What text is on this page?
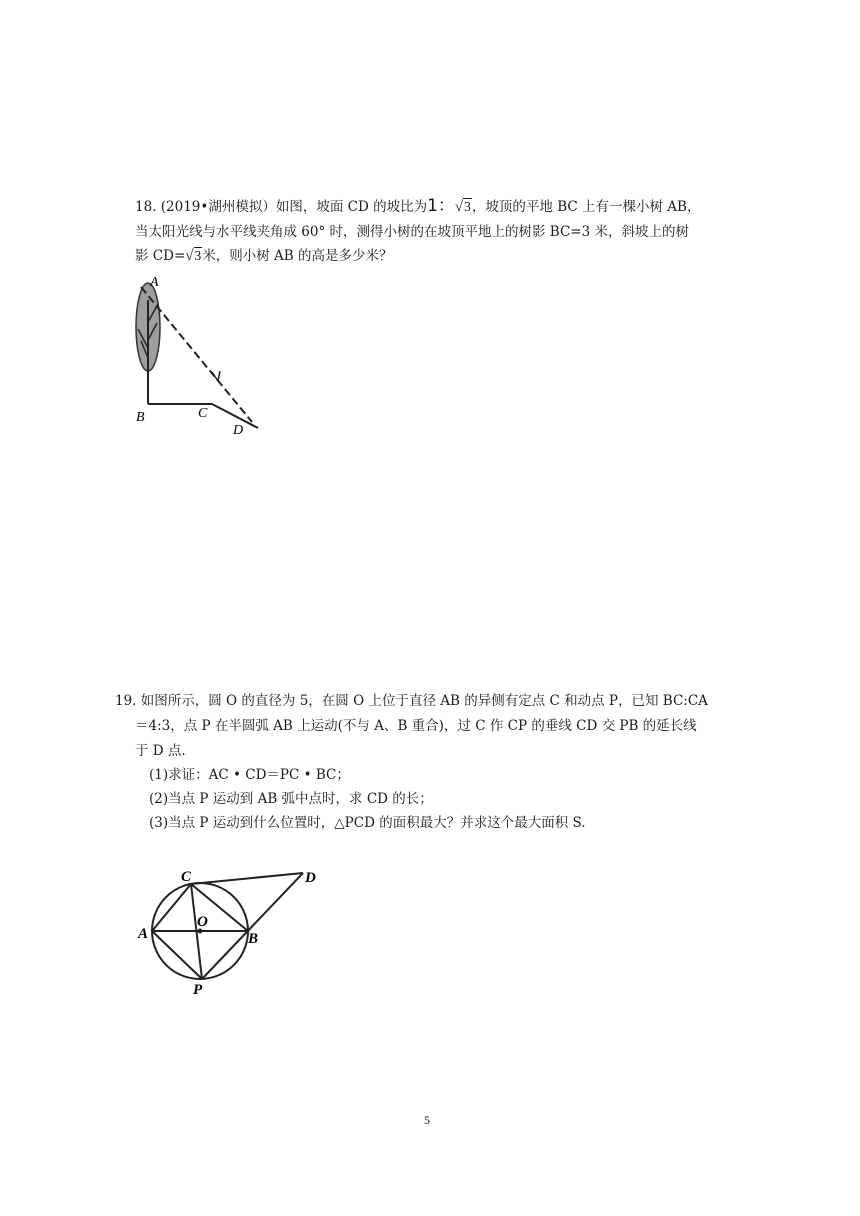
18. (2019•湖州模拟）如图，坡面 CD 的坡比为1：√3，坡顶的平地 BC 上有一棵小树 AB，
当太阳光线与水平线夹角成 60° 时，测得小树的在坡顶平地上的树影 BC=3 米，斜坡上的树
影 CD=√3米，则小树 AB 的高是多少米？
A
B	C
D
19. 如图所示，圆 O 的直径为 5，在圆 O 上位于直径 AB 的异侧有定点 C 和动点 P，已知 BC:CA
＝4:3，点 P 在半圆弧 AB 上运动(不与 A、B 重合)，过 C 作 CP 的垂线 CD 交 PB 的延长线
于 D 点.
(1)求证：AC • CD＝PC • BC；
(2)当点 P 运动到 AB 弧中点时，求 CD 的长；
(3)当点 P 运动到什么位置时，△PCD 的面积最大？并求这个最大面积 S.
C	D
A
O
B
P
5
